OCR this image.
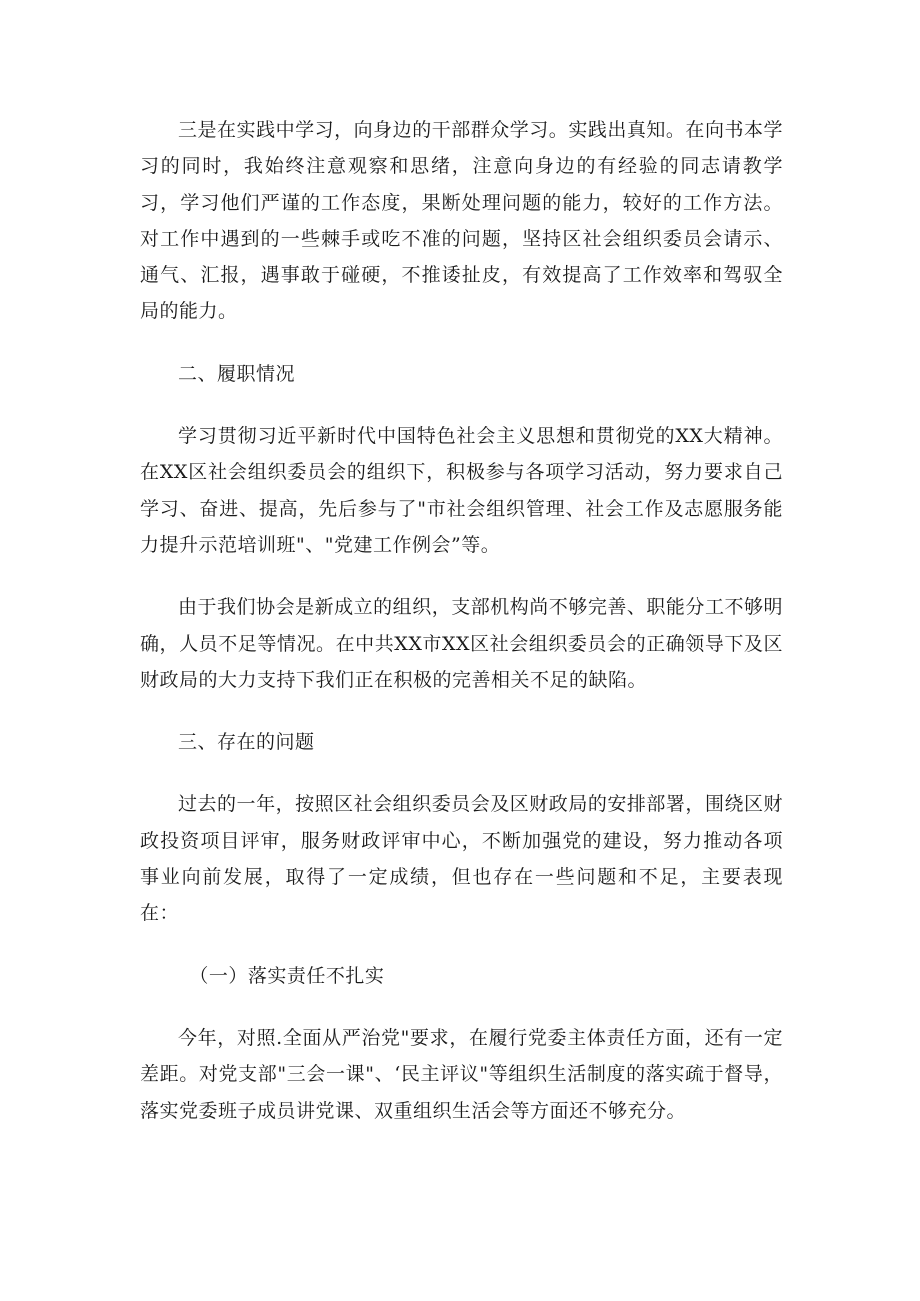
三是在实践中学习，向身边的干部群众学习。实践出真知。在向书本学习的同时，我始终注意观察和思绪，注意向身边的有经验的同志请教学习，学习他们严谨的工作态度，果断处理问题的能力，较好的工作方法。对工作中遇到的一些棘手或吃不准的问题，坚持区社会组织委员会请示、通气、汇报，遇事敢于碰硬，不推诿扯皮，有效提高了工作效率和驾驭全局的能力。

二、履职情况

学习贯彻习近平新时代中国特色社会主义思想和贯彻党的XX大精神。在XX区社会组织委员会的组织下，积极参与各项学习活动，努力要求自己学习、奋进、提高，先后参与了"市社会组织管理、社会工作及志愿服务能力提升示范培训班"、"党建工作例会”等。

由于我们协会是新成立的组织，支部机构尚不够完善、职能分工不够明确，人员不足等情况。在中共XX市XX区社会组织委员会的正确领导下及区财政局的大力支持下我们正在积极的完善相关不足的缺陷。

三、存在的问题

过去的一年，按照区社会组织委员会及区财政局的安排部署，围绕区财政投资项目评审，服务财政评审中心，不断加强党的建设，努力推动各项事业向前发展，取得了一定成绩，但也存在一些问题和不足，主要表现在：

（一）落实责任不扎实

今年，对照.全面从严治党"要求，在履行党委主体责任方面，还有一定差距。对党支部"三会一课"、‘民主评议"等组织生活制度的落实疏于督导，落实党委班子成员讲党课、双重组织生活会等方面还不够充分。
